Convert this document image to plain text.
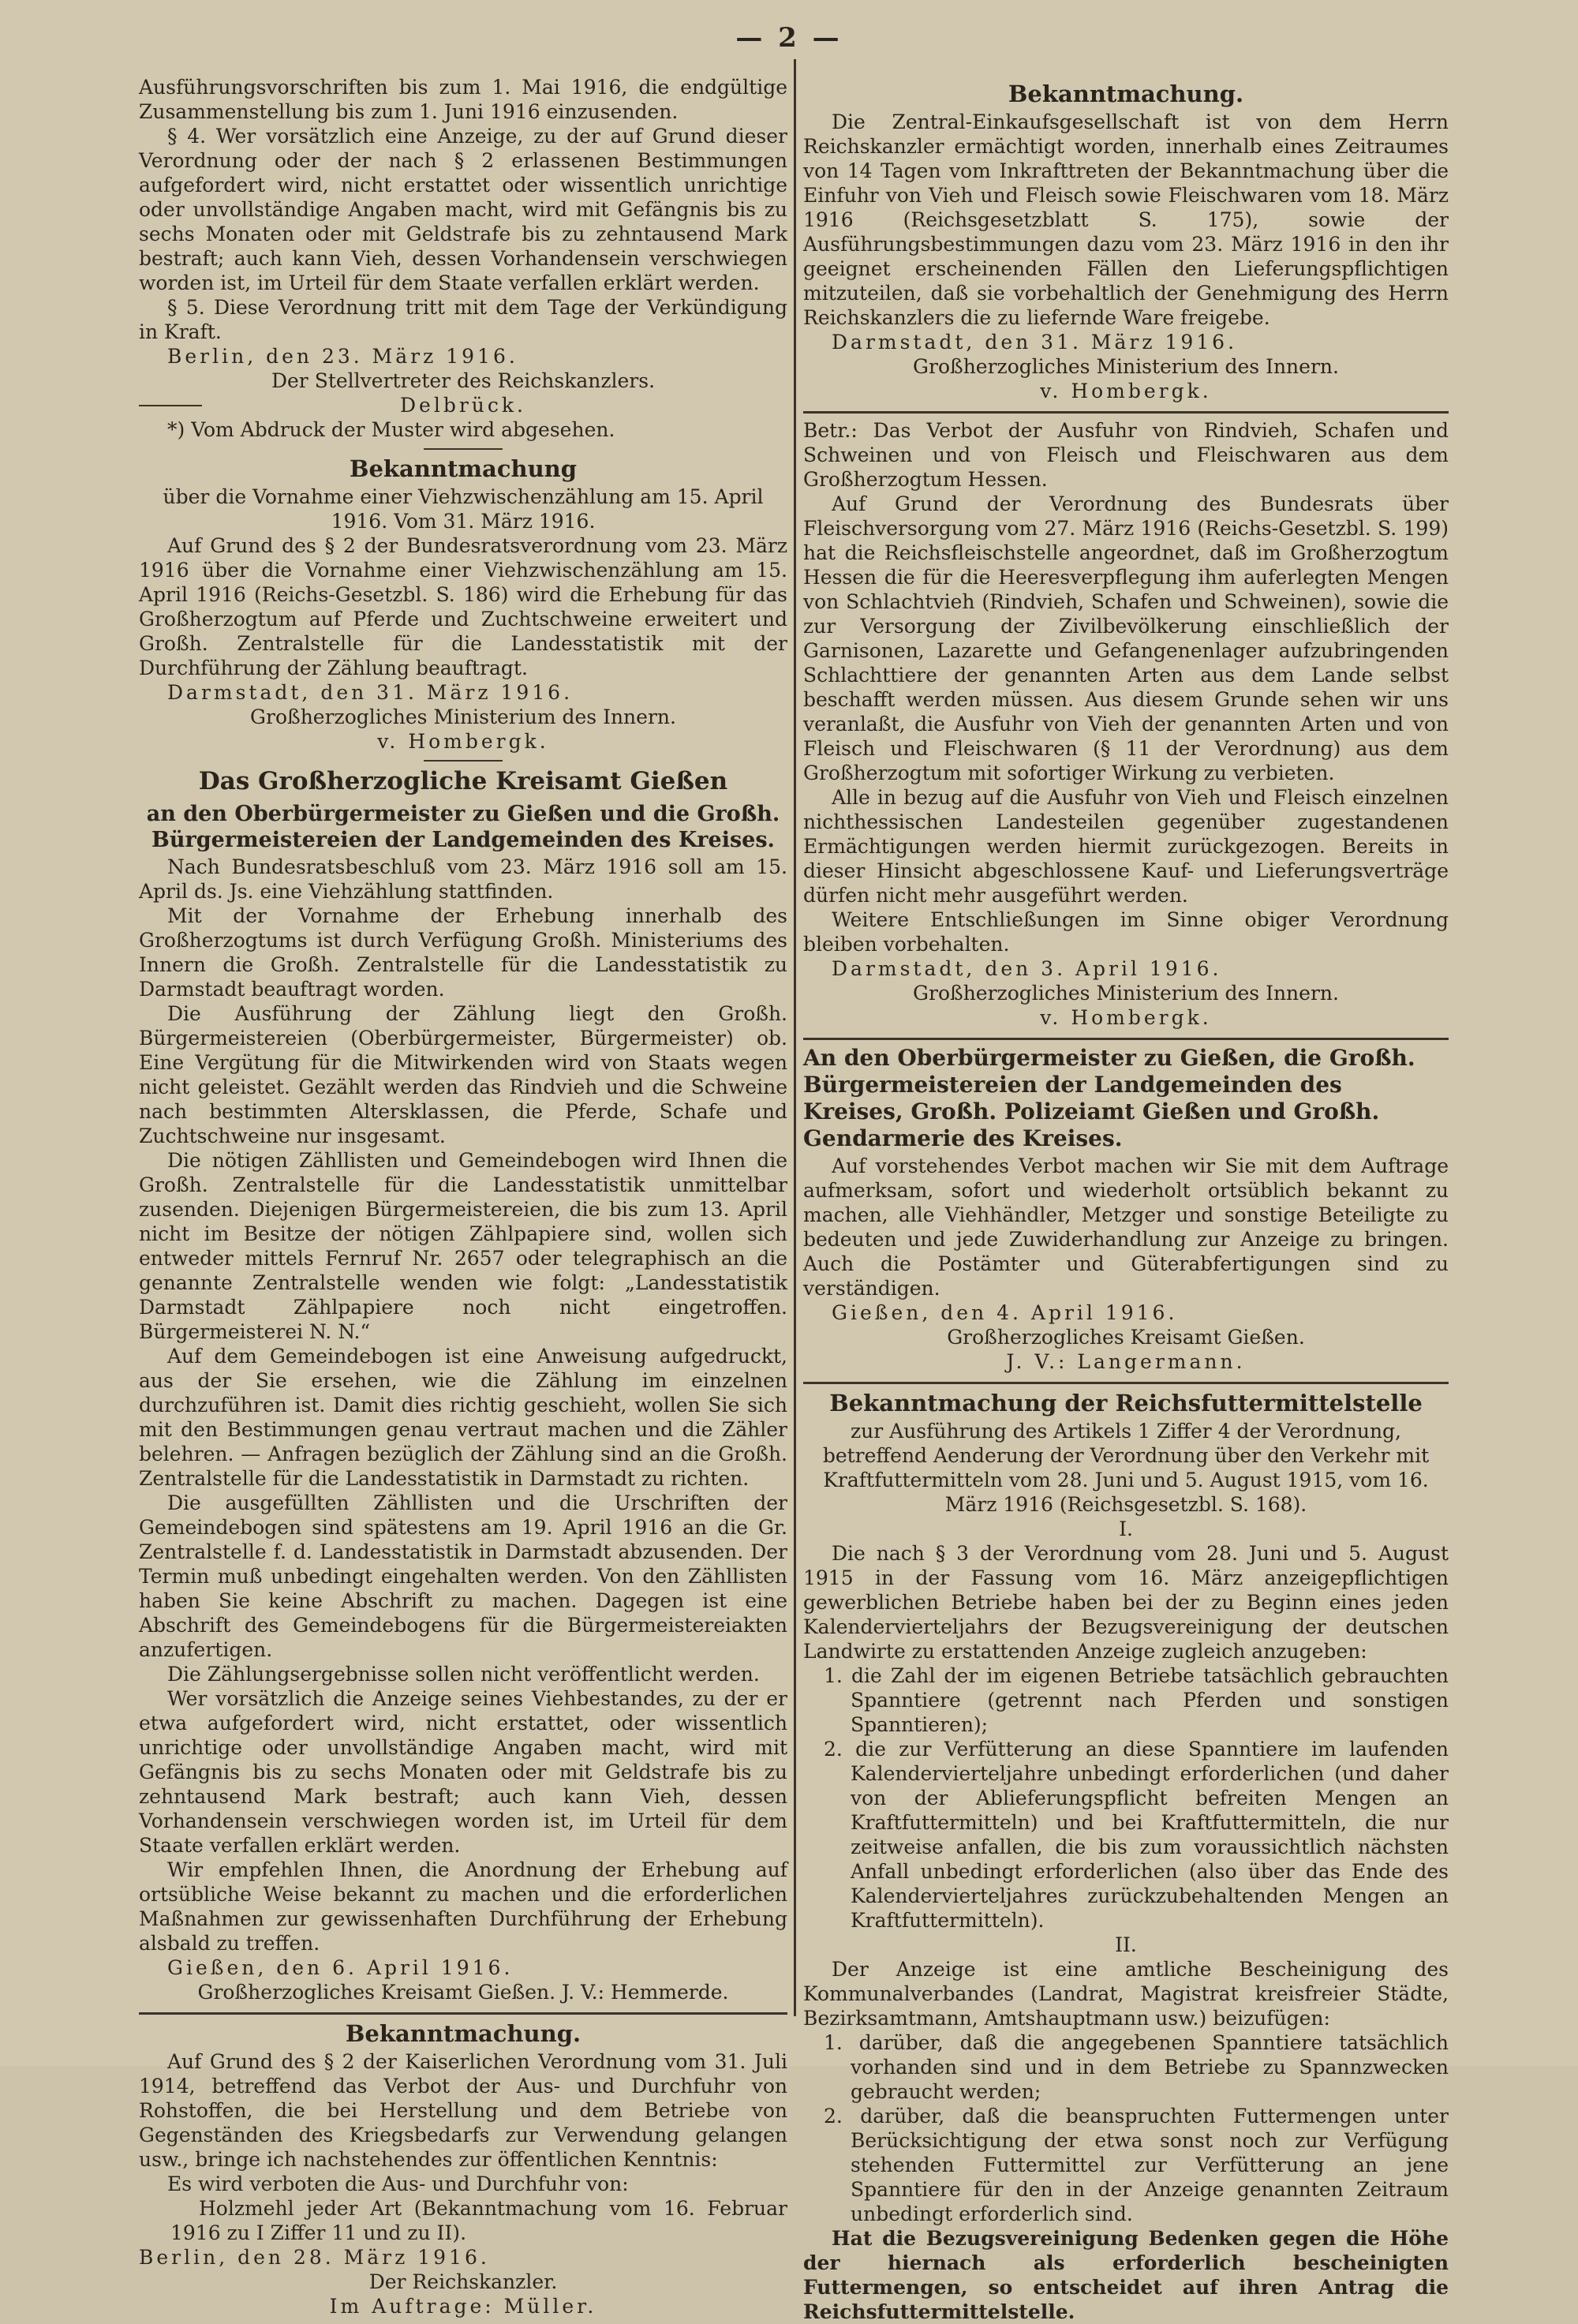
— 2 —

Ausführungsvorschriften bis zum 1. Mai 1916, die endgültige Zusammenstellung bis zum 1. Juni 1916 einzusenden.

§ 4. Wer vorsätzlich eine Anzeige, zu der auf Grund dieser Verordnung oder der nach § 2 erlassenen Bestimmungen aufgefordert wird, nicht erstattet oder wissentlich unrichtige oder unvollständige Angaben macht, wird mit Gefängnis bis zu sechs Monaten oder mit Geldstrafe bis zu zehntausend Mark bestraft; auch kann Vieh, dessen Vorhandensein verschwiegen worden ist, im Urteil für dem Staate verfallen erklärt werden.

§ 5. Diese Verordnung tritt mit dem Tage der Verkündigung in Kraft.

Berlin, den 23. März 1916.

Der Stellvertreter des Reichskanzlers.

Delbrück.

*) Vom Abdruck der Muster wird abgesehen.

Bekanntmachung

über die Vornahme einer Viehzwischenzählung am 15. April 1916. Vom 31. März 1916.

Auf Grund des § 2 der Bundesratsverordnung vom 23. März 1916 über die Vornahme einer Viehzwischenzählung am 15. April 1916 (Reichs-Gesetzbl. S. 186) wird die Erhebung für das Großherzogtum auf Pferde und Zuchtschweine erweitert und Großh. Zentralstelle für die Landesstatistik mit der Durchführung der Zählung beauftragt.

Darmstadt, den 31. März 1916.

Großherzogliches Ministerium des Innern.

v. Hombergk.

Das Großherzogliche Kreisamt Gießen

an den Oberbürgermeister zu Gießen und die Großh. Bürgermeistereien der Landgemeinden des Kreises.

Nach Bundesratsbeschluß vom 23. März 1916 soll am 15. April ds. Js. eine Viehzählung stattfinden.

Mit der Vornahme der Erhebung innerhalb des Großherzogtums ist durch Verfügung Großh. Ministeriums des Innern die Großh. Zentralstelle für die Landesstatistik zu Darmstadt beauftragt worden.

Die Ausführung der Zählung liegt den Großh. Bürgermeistereien (Oberbürgermeister, Bürgermeister) ob. Eine Vergütung für die Mitwirkenden wird von Staats wegen nicht geleistet. Gezählt werden das Rindvieh und die Schweine nach bestimmten Altersklassen, die Pferde, Schafe und Zuchtschweine nur insgesamt.

Die nötigen Zähllisten und Gemeindebogen wird Ihnen die Großh. Zentralstelle für die Landesstatistik unmittelbar zusenden. Diejenigen Bürgermeistereien, die bis zum 13. April nicht im Besitze der nötigen Zählpapiere sind, wollen sich entweder mittels Fernruf Nr. 2657 oder telegraphisch an die genannte Zentralstelle wenden wie folgt: „Landesstatistik Darmstadt Zählpapiere noch nicht eingetroffen. Bürgermeisterei N. N.“

Auf dem Gemeindebogen ist eine Anweisung aufgedruckt, aus der Sie ersehen, wie die Zählung im einzelnen durchzuführen ist. Damit dies richtig geschieht, wollen Sie sich mit den Bestimmungen genau vertraut machen und die Zähler belehren. — Anfragen bezüglich der Zählung sind an die Großh. Zentralstelle für die Landesstatistik in Darmstadt zu richten.

Die ausgefüllten Zähllisten und die Urschriften der Gemeindebogen sind spätestens am 19. April 1916 an die Gr. Zentralstelle f. d. Landesstatistik in Darmstadt abzusenden. Der Termin muß unbedingt eingehalten werden. Von den Zähllisten haben Sie keine Abschrift zu machen. Dagegen ist eine Abschrift des Gemeindebogens für die Bürgermeistereiakten anzufertigen.

Die Zählungsergebnisse sollen nicht veröffentlicht werden.

Wer vorsätzlich die Anzeige seines Viehbestandes, zu der er etwa aufgefordert wird, nicht erstattet, oder wissentlich unrichtige oder unvollständige Angaben macht, wird mit Gefängnis bis zu sechs Monaten oder mit Geldstrafe bis zu zehntausend Mark bestraft; auch kann Vieh, dessen Vorhandensein verschwiegen worden ist, im Urteil für dem Staate verfallen erklärt werden.

Wir empfehlen Ihnen, die Anordnung der Erhebung auf ortsübliche Weise bekannt zu machen und die erforderlichen Maßnahmen zur gewissenhaften Durchführung der Erhebung alsbald zu treffen.

Gießen, den 6. April 1916.

Großherzogliches Kreisamt Gießen. J. V.: Hemmerde.

Bekanntmachung.

Auf Grund des § 2 der Kaiserlichen Verordnung vom 31. Juli 1914, betreffend das Verbot der Aus- und Durchfuhr von Rohstoffen, die bei Herstellung und dem Betriebe von Gegenständen des Kriegsbedarfs zur Verwendung gelangen usw., bringe ich nachstehendes zur öffentlichen Kenntnis:

Es wird verboten die Aus- und Durchfuhr von:

Holzmehl jeder Art (Bekanntmachung vom 16. Februar 1916 zu I Ziffer 11 und zu II).

Berlin, den 28. März 1916.

Der Reichskanzler.

Im Auftrage: Müller.

Bekanntmachung.

Die Zentral-Einkaufsgesellschaft ist von dem Herrn Reichskanzler ermächtigt worden, innerhalb eines Zeitraumes von 14 Tagen vom Inkrafttreten der Bekanntmachung über die Einfuhr von Vieh und Fleisch sowie Fleischwaren vom 18. März 1916 (Reichsgesetzblatt S. 175), sowie der Ausführungsbestimmungen dazu vom 23. März 1916 in den ihr geeignet erscheinenden Fällen den Lieferungspflichtigen mitzuteilen, daß sie vorbehaltlich der Genehmigung des Herrn Reichskanzlers die zu liefernde Ware freigebe.

Darmstadt, den 31. März 1916.

Großherzogliches Ministerium des Innern.

v. Hombergk.

Betr.: Das Verbot der Ausfuhr von Rindvieh, Schafen und Schweinen und von Fleisch und Fleischwaren aus dem Großherzogtum Hessen.

Auf Grund der Verordnung des Bundesrats über Fleischversorgung vom 27. März 1916 (Reichs-Gesetzbl. S. 199) hat die Reichsfleischstelle angeordnet, daß im Großherzogtum Hessen die für die Heeresverpflegung ihm auferlegten Mengen von Schlachtvieh (Rindvieh, Schafen und Schweinen), sowie die zur Versorgung der Zivilbevölkerung einschließlich der Garnisonen, Lazarette und Gefangenenlager aufzubringenden Schlachttiere der genannten Arten aus dem Lande selbst beschafft werden müssen. Aus diesem Grunde sehen wir uns veranlaßt, die Ausfuhr von Vieh der genannten Arten und von Fleisch und Fleischwaren (§ 11 der Verordnung) aus dem Großherzogtum mit sofortiger Wirkung zu verbieten.

Alle in bezug auf die Ausfuhr von Vieh und Fleisch einzelnen nichthessischen Landesteilen gegenüber zugestandenen Ermächtigungen werden hiermit zurückgezogen. Bereits in dieser Hinsicht abgeschlossene Kauf- und Lieferungsverträge dürfen nicht mehr ausgeführt werden.

Weitere Entschließungen im Sinne obiger Verordnung bleiben vorbehalten.

Darmstadt, den 3. April 1916.

Großherzogliches Ministerium des Innern.

v. Hombergk.

An den Oberbürgermeister zu Gießen, die Großh. Bürgermeistereien der Landgemeinden des Kreises, Großh. Polizeiamt Gießen und Großh. Gendarmerie des Kreises.

Auf vorstehendes Verbot machen wir Sie mit dem Auftrage aufmerksam, sofort und wiederholt ortsüblich bekannt zu machen, alle Viehhändler, Metzger und sonstige Beteiligte zu bedeuten und jede Zuwiderhandlung zur Anzeige zu bringen. Auch die Postämter und Güterabfertigungen sind zu verständigen.

Gießen, den 4. April 1916.

Großherzogliches Kreisamt Gießen.

J. V.: Langermann.

Bekanntmachung der Reichsfuttermittelstelle

zur Ausführung des Artikels 1 Ziffer 4 der Verordnung, betreffend Aenderung der Verordnung über den Verkehr mit Kraftfuttermitteln vom 28. Juni und 5. August 1915, vom 16. März 1916 (Reichsgesetzbl. S. 168).

I.

Die nach § 3 der Verordnung vom 28. Juni und 5. August 1915 in der Fassung vom 16. März anzeigepflichtigen gewerblichen Betriebe haben bei der zu Beginn eines jeden Kalendervierteljahrs der Bezugsvereinigung der deutschen Landwirte zu erstattenden Anzeige zugleich anzugeben:

1. die Zahl der im eigenen Betriebe tatsächlich gebrauchten Spanntiere (getrennt nach Pferden und sonstigen Spanntieren);

2. die zur Verfütterung an diese Spanntiere im laufenden Kalendervierteljahre unbedingt erforderlichen (und daher von der Ablieferungspflicht befreiten Mengen an Kraftfuttermitteln) und bei Kraftfuttermitteln, die nur zeitweise anfallen, die bis zum voraussichtlich nächsten Anfall unbedingt erforderlichen (also über das Ende des Kalendervierteljahres zurückzubehaltenden Mengen an Kraftfuttermitteln).

II.

Der Anzeige ist eine amtliche Bescheinigung des Kommunalverbandes (Landrat, Magistrat kreisfreier Städte, Bezirksamtmann, Amtshauptmann usw.) beizufügen:

1. darüber, daß die angegebenen Spanntiere tatsächlich vorhanden sind und in dem Betriebe zu Spannzwecken gebraucht werden;

2. darüber, daß die beanspruchten Futtermengen unter Berücksichtigung der etwa sonst noch zur Verfügung stehenden Futtermittel zur Verfütterung an jene Spanntiere für den in der Anzeige genannten Zeitraum unbedingt erforderlich sind.

Hat die Bezugsvereinigung Bedenken gegen die Höhe der hiernach als erforderlich bescheinigten Futtermengen, so entscheidet auf ihren Antrag die Reichsfuttermittelstelle.
